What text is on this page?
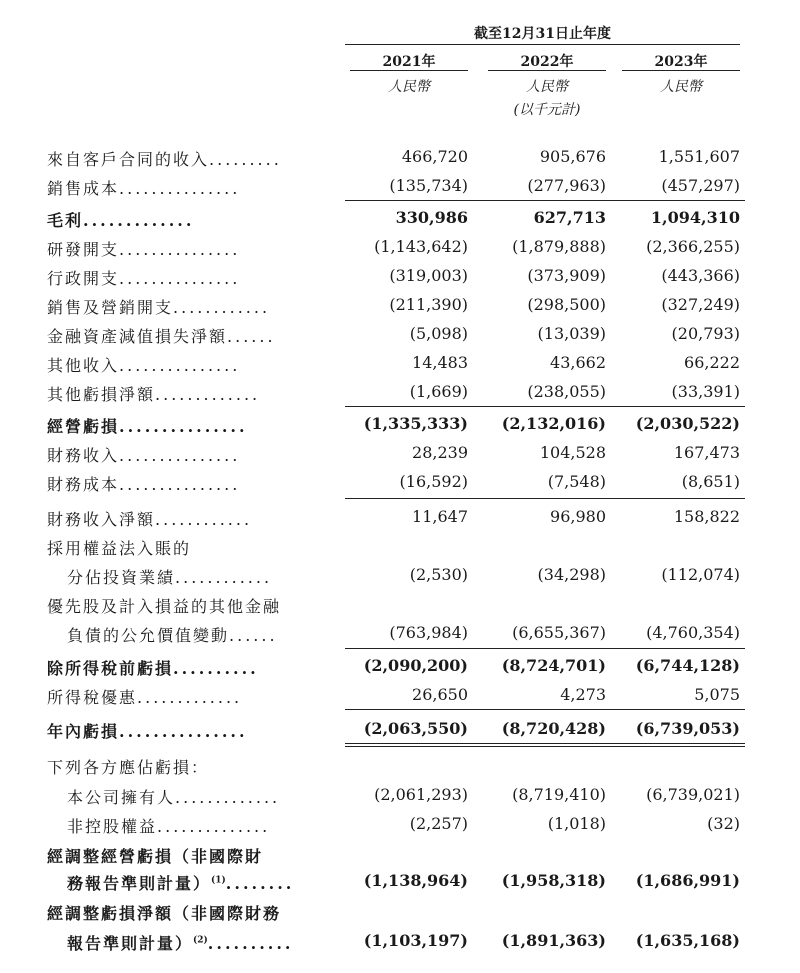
截至12月31日止年度
2021年	2022年	2023年
人民幣	人民幣	人民幣
(以千元計)
來自客戶合同的收入.........	466,720	905,676	1,551,607
銷售成本...............	(135,734)	(277,963)	(457,297)
毛利.............	330,986	627,713	1,094,310
研發開支...............	(1,143,642)	(1,879,888)	(2,366,255)
行政開支...............	(319,003)	(373,909)	(443,366)
銷售及營銷開支............	(211,390)	(298,500)	(327,249)
金融資產減值損失淨額......	(5,098)	(13,039)	(20,793)
其他收入...............	14,483	43,662	66,222
其他虧損淨額.............	(1,669)	(238,055)	(33,391)
經營虧損...............	(1,335,333)	(2,132,016)	(2,030,522)
財務收入...............	28,239	104,528	167,473
財務成本...............	(16,592)	(7,548)	(8,651)
財務收入淨額............	11,647	96,980	158,822
採用權益法入賬的
分佔投資業績............	(2,530)	(34,298)	(112,074)
優先股及計入損益的其他金融
負債的公允價值變動......	(763,984)	(6,655,367)	(4,760,354)
除所得稅前虧損..........	(2,090,200)	(8,724,701)	(6,744,128)
所得稅優惠.............	26,650	4,273	5,075
年內虧損...............	(2,063,550)	(8,720,428)	(6,739,053)
下列各方應佔虧損：
本公司擁有人.............	(2,061,293)	(8,719,410)	(6,739,021)
非控股權益..............	(2,257)	(1,018)	(32)
經調整經營虧損（非國際財
務報告準則計量）$^{(1)}$........	(1,138,964)	(1,958,318)	(1,686,991)
經調整虧損淨額（非國際財務
報告準則計量）$^{(2)}$..........	(1,103,197)	(1,891,363)	(1,635,168)
